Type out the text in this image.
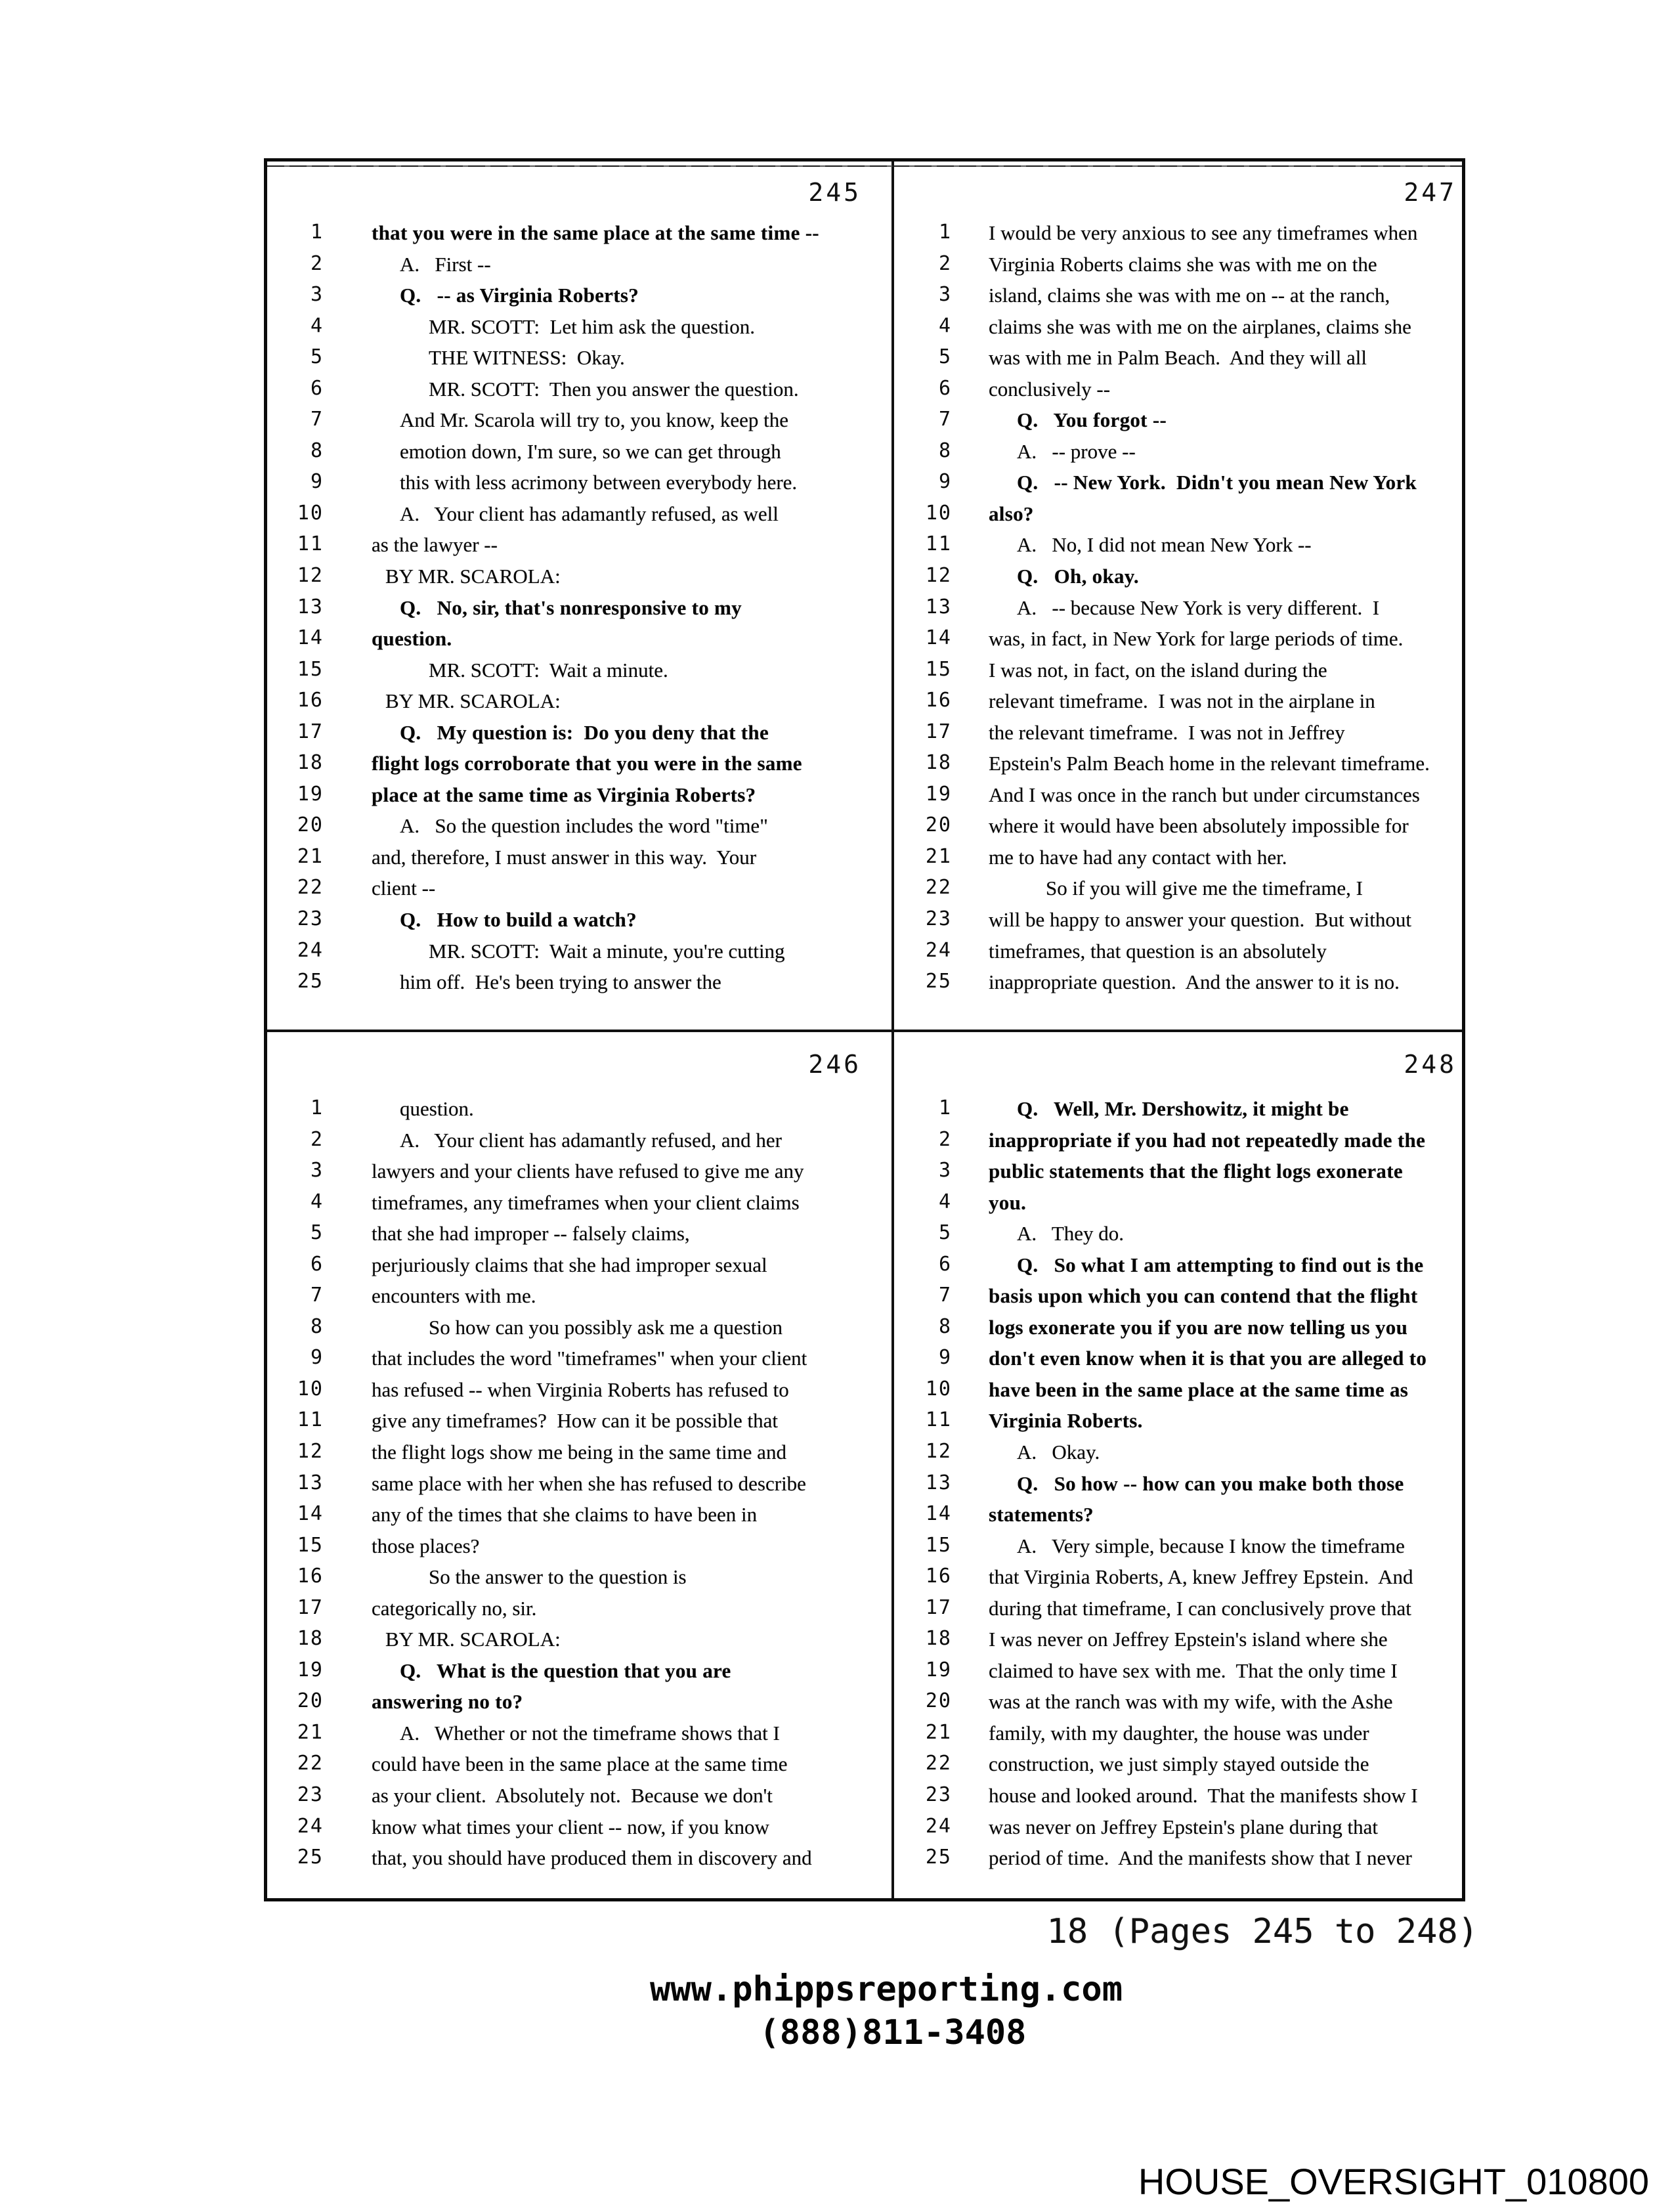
245
1 that you were in the same place at the same time --
2	A.   First --
3	Q.   -- as Virginia Roberts?
4	MR. SCOTT:  Let him ask the question.
5	THE WITNESS:  Okay.
6	MR. SCOTT:  Then you answer the question.
7	And Mr. Scarola will try to, you know, keep the
8	emotion down, I'm sure, so we can get through
9	this with less acrimony between everybody here.
10	A.   Your client has adamantly refused, as well
11 as the lawyer --
12	BY MR. SCAROLA:
13	Q.   No, sir, that's nonresponsive to my
14 question.
15	MR. SCOTT:  Wait a minute.
16	BY MR. SCAROLA:
17	Q.   My question is:  Do you deny that the
18 flight logs corroborate that you were in the same
19 place at the same time as Virginia Roberts?
20	A.   So the question includes the word "time"
21 and, therefore, I must answer in this way.  Your
22 client --
23	Q.   How to build a watch?
24	MR. SCOTT:  Wait a minute, you're cutting
25	him off.  He's been trying to answer the
247
1 I would be very anxious to see any timeframes when
2 Virginia Roberts claims she was with me on the
3 island, claims she was with me on -- at the ranch,
4 claims she was with me on the airplanes, claims she
5 was with me in Palm Beach.  And they will all
6 conclusively --
7	Q.   You forgot --
8	A.   -- prove --
9	Q.   -- New York.  Didn't you mean New York
10 also?
11	A.   No, I did not mean New York --
12	Q.   Oh, okay.
13	A.   -- because New York is very different.  I
14 was, in fact, in New York for large periods of time.
15 I was not, in fact, on the island during the
16 relevant timeframe.  I was not in the airplane in
17 the relevant timeframe.  I was not in Jeffrey
18 Epstein's Palm Beach home in the relevant timeframe.
19 And I was once in the ranch but under circumstances
20 where it would have been absolutely impossible for
21 me to have had any contact with her.
22	So if you will give me the timeframe, I
23 will be happy to answer your question.  But without
24 timeframes, that question is an absolutely
25 inappropriate question.  And the answer to it is no.
246
1	question.
2	A.   Your client has adamantly refused, and her
3 lawyers and your clients have refused to give me any
4 timeframes, any timeframes when your client claims
5 that she had improper -- falsely claims,
6 perjuriously claims that she had improper sexual
7 encounters with me.
8	So how can you possibly ask me a question
9 that includes the word "timeframes" when your client
10 has refused -- when Virginia Roberts has refused to
11 give any timeframes?  How can it be possible that
12 the flight logs show me being in the same time and
13 same place with her when she has refused to describe
14 any of the times that she claims to have been in
15 those places?
16	So the answer to the question is
17 categorically no, sir.
18	BY MR. SCAROLA:
19	Q.   What is the question that you are
20 answering no to?
21	A.   Whether or not the timeframe shows that I
22 could have been in the same place at the same time
23 as your client.  Absolutely not.  Because we don't
24 know what times your client -- now, if you know
25 that, you should have produced them in discovery and
248
1	Q.   Well, Mr. Dershowitz, it might be
2 inappropriate if you had not repeatedly made the
3 public statements that the flight logs exonerate
4 you.
5	A.   They do.
6	Q.   So what I am attempting to find out is the
7 basis upon which you can contend that the flight
8 logs exonerate you if you are now telling us you
9 don't even know when it is that you are alleged to
10 have been in the same place at the same time as
11 Virginia Roberts.
12	A.   Okay.
13	Q.   So how -- how can you make both those
14 statements?
15	A.   Very simple, because I know the timeframe
16 that Virginia Roberts, A, knew Jeffrey Epstein.  And
17 during that timeframe, I can conclusively prove that
18 I was never on Jeffrey Epstein's island where she
19 claimed to have sex with me.  That the only time I
20 was at the ranch was with my wife, with the Ashe
21 family, with my daughter, the house was under
22 construction, we just simply stayed outside the
23 house and looked around.  That the manifests show I
24 was never on Jeffrey Epstein's plane during that
25 period of time.  And the manifests show that I never
18 (Pages 245 to 248)
www.phippsreporting.com
(888)811-3408
HOUSE_OVERSIGHT_010800
